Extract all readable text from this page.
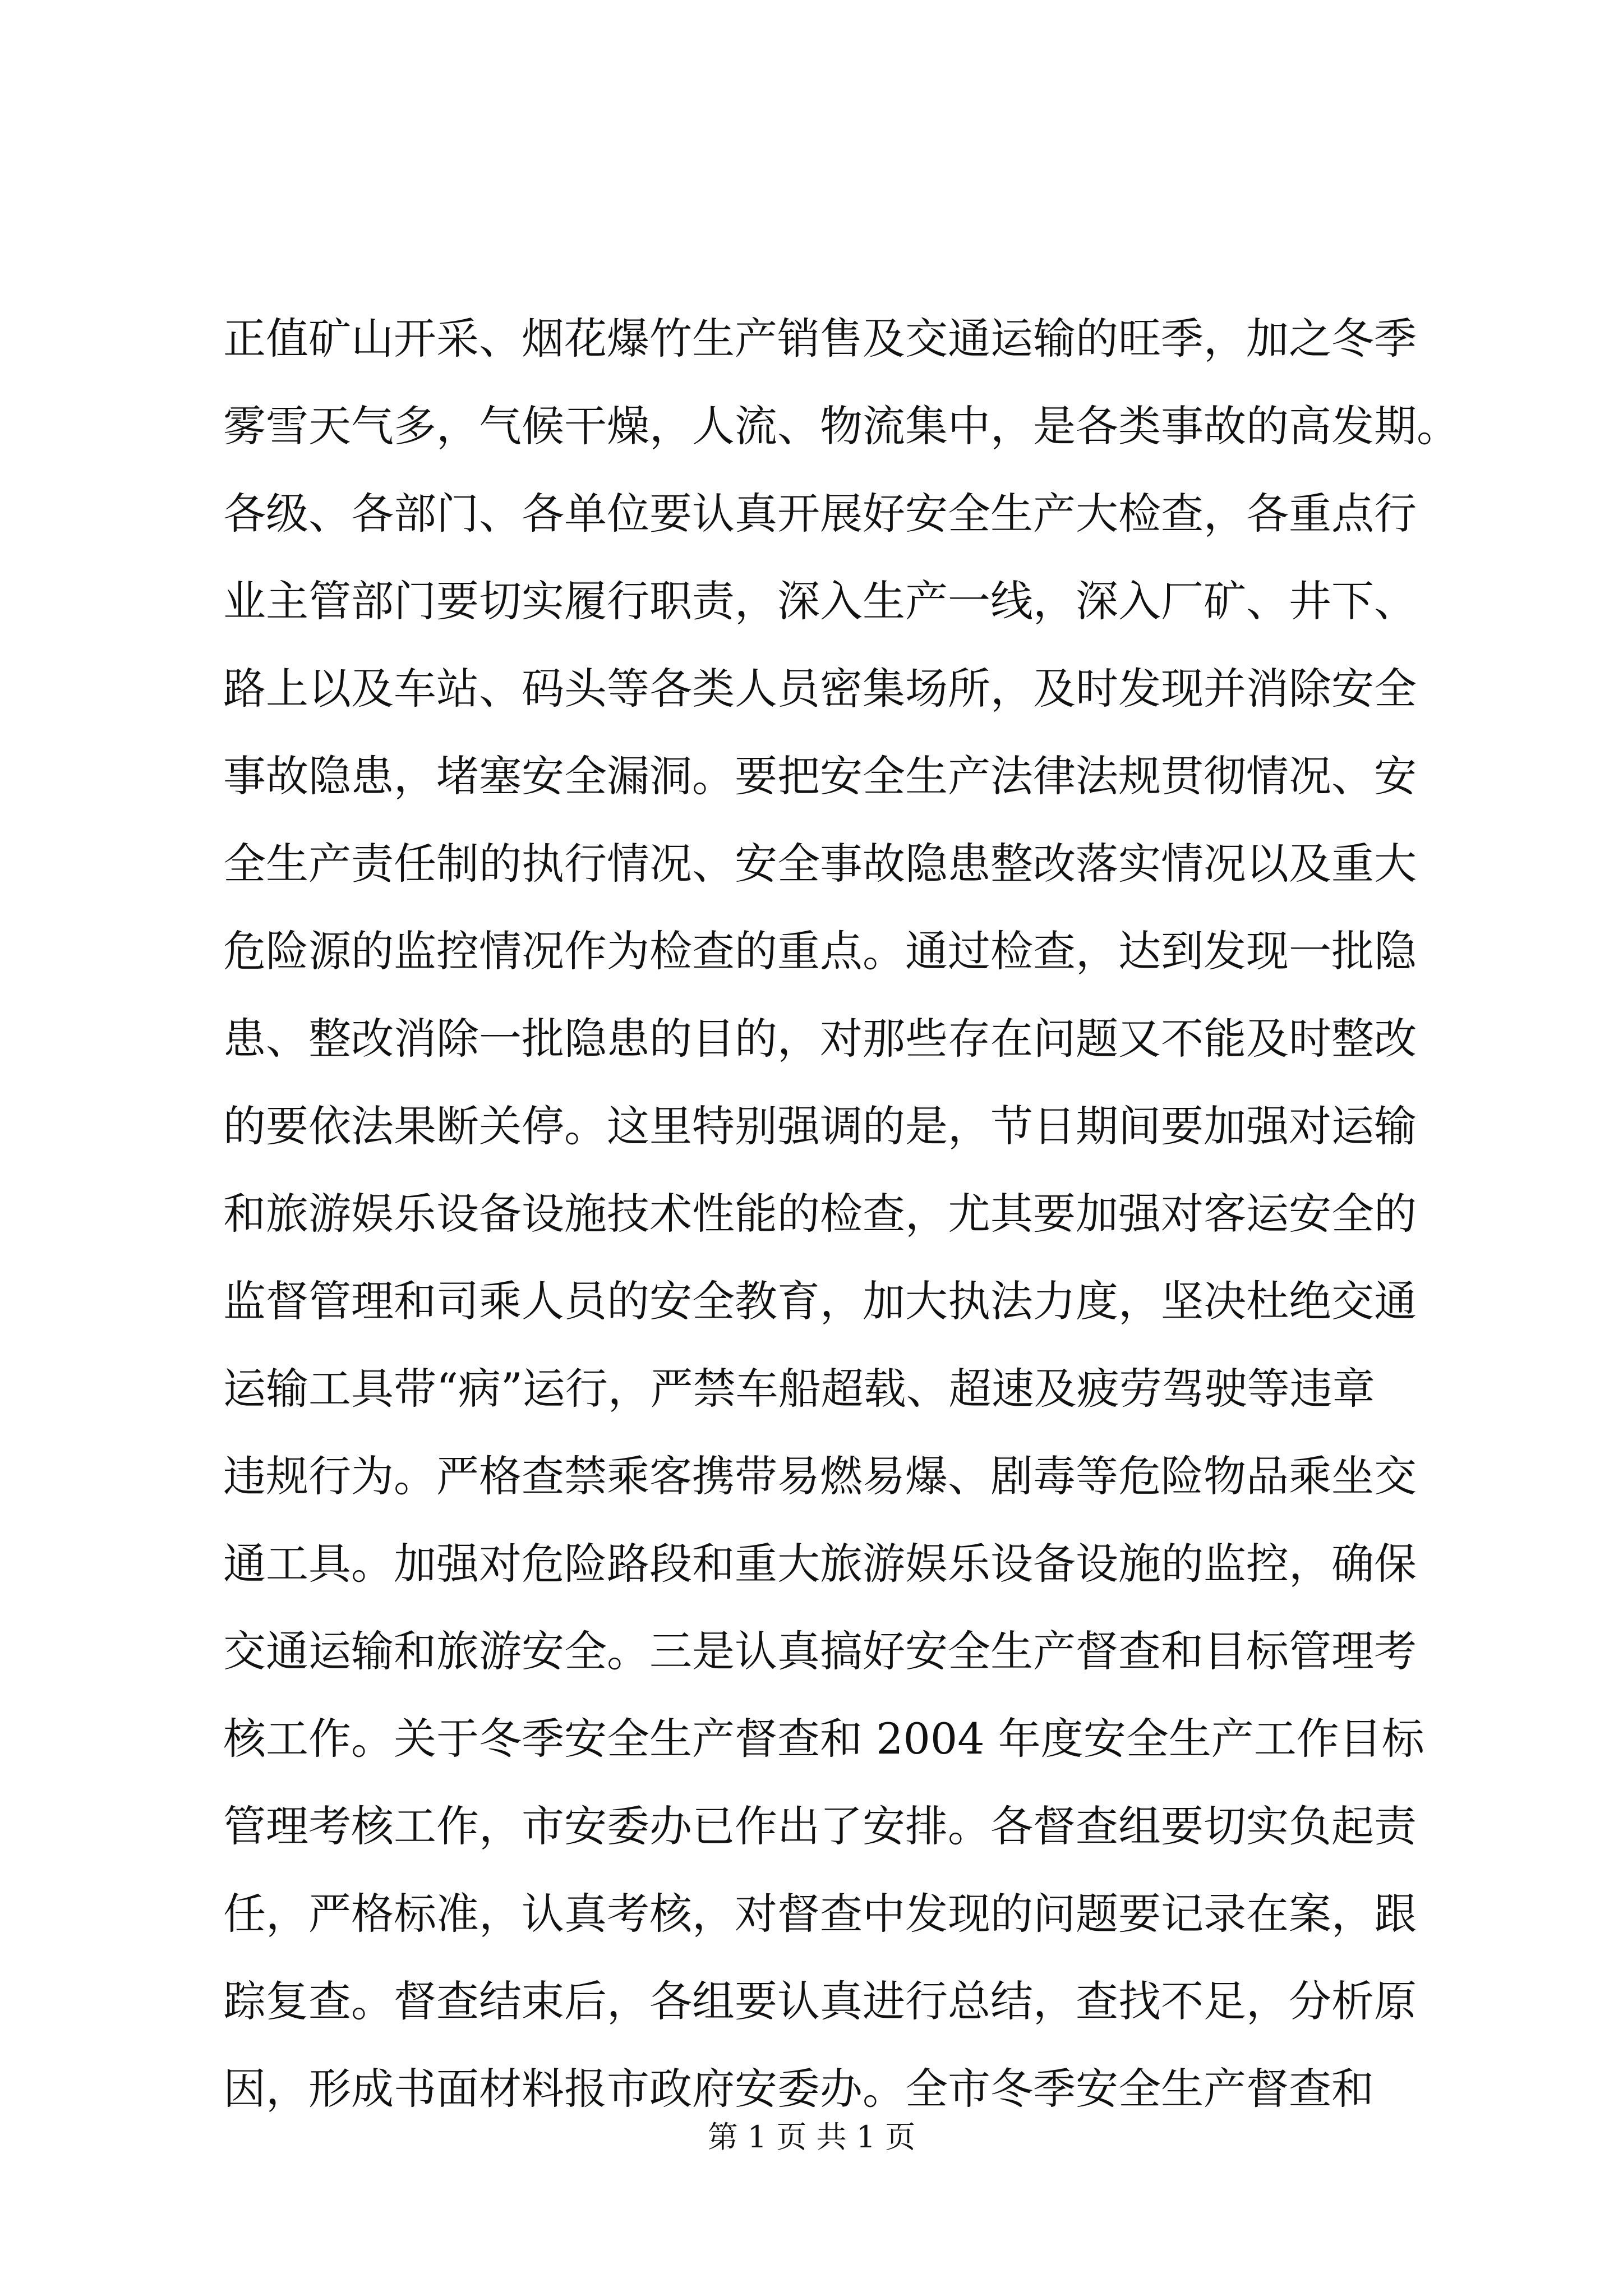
正值矿山开采、烟花爆竹生产销售及交通运输的旺季，加之冬季
雾雪天气多，气候干燥，人流、物流集中，是各类事故的高发期。
各级、各部门、各单位要认真开展好安全生产大检查，各重点行
业主管部门要切实履行职责，深入生产一线，深入厂矿、井下、
路上以及车站、码头等各类人员密集场所，及时发现并消除安全
事故隐患，堵塞安全漏洞。要把安全生产法律法规贯彻情况、安
全生产责任制的执行情况、安全事故隐患整改落实情况以及重大
危险源的监控情况作为检查的重点。通过检查，达到发现一批隐
患、整改消除一批隐患的目的，对那些存在问题又不能及时整改
的要依法果断关停。这里特别强调的是，节日期间要加强对运输
和旅游娱乐设备设施技术性能的检查，尤其要加强对客运安全的
监督管理和司乘人员的安全教育，加大执法力度，坚决杜绝交通
运输工具带“病”运行，严禁车船超载、超速及疲劳驾驶等违章
违规行为。严格查禁乘客携带易燃易爆、剧毒等危险物品乘坐交
通工具。加强对危险路段和重大旅游娱乐设备设施的监控，确保
交通运输和旅游安全。三是认真搞好安全生产督查和目标管理考
核工作。关于冬季安全生产督查和 2004 年度安全生产工作目标
管理考核工作，市安委办已作出了安排。各督查组要切实负起责
任，严格标准，认真考核，对督查中发现的问题要记录在案，跟
踪复查。督查结束后，各组要认真进行总结，查找不足，分析原
因，形成书面材料报市政府安委办。全市冬季安全生产督查和
第 1 页 共 1 页
